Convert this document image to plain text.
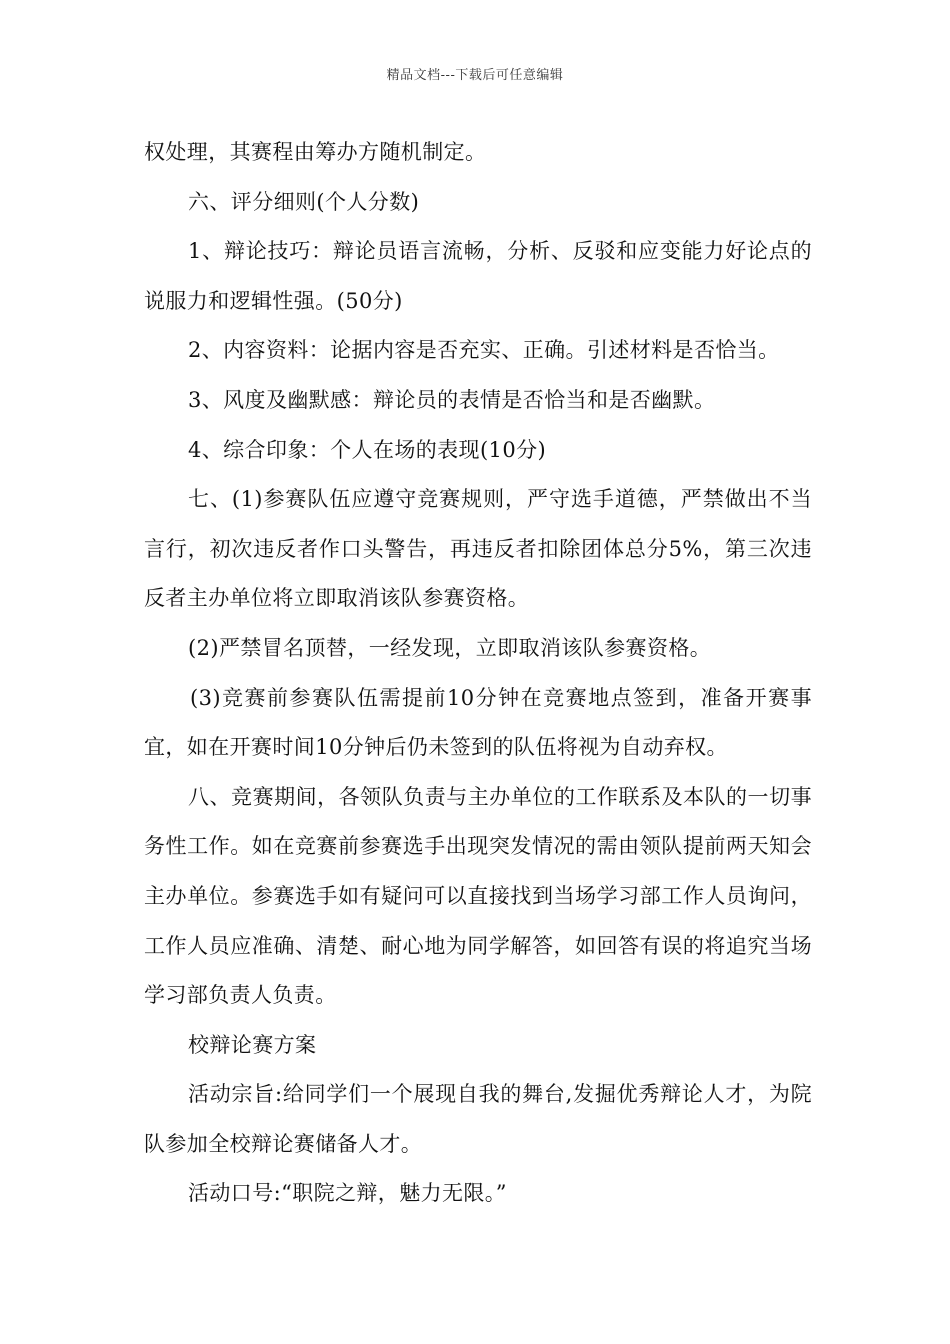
精品文档---下载后可任意编辑

权处理，其赛程由筹办方随机制定。

六、评分细则(个人分数)

1、辩论技巧：辩论员语言流畅，分析、反驳和应变能力好论点的说服力和逻辑性强。(50分)

2、内容资料：论据内容是否充实、正确。引述材料是否恰当。

3、风度及幽默感：辩论员的表情是否恰当和是否幽默。

4、综合印象：个人在场的表现(10分)

七、(1)参赛队伍应遵守竞赛规则，严守选手道德，严禁做出不当言行，初次违反者作口头警告，再违反者扣除团体总分5%，第三次违反者主办单位将立即取消该队参赛资格。

(2)严禁冒名顶替，一经发现，立即取消该队参赛资格。

(3)竞赛前参赛队伍需提前10分钟在竞赛地点签到，准备开赛事宜，如在开赛时间10分钟后仍未签到的队伍将视为自动弃权。

八、竞赛期间，各领队负责与主办单位的工作联系及本队的一切事务性工作。如在竞赛前参赛选手出现突发情况的需由领队提前两天知会主办单位。参赛选手如有疑问可以直接找到当场学习部工作人员询问，工作人员应准确、清楚、耐心地为同学解答，如回答有误的将追究当场学习部负责人负责。

校辩论赛方案

活动宗旨:给同学们一个展现自我的舞台,发掘优秀辩论人才，为院队参加全校辩论赛储备人才。

活动口号:“职院之辩，魅力无限。”
